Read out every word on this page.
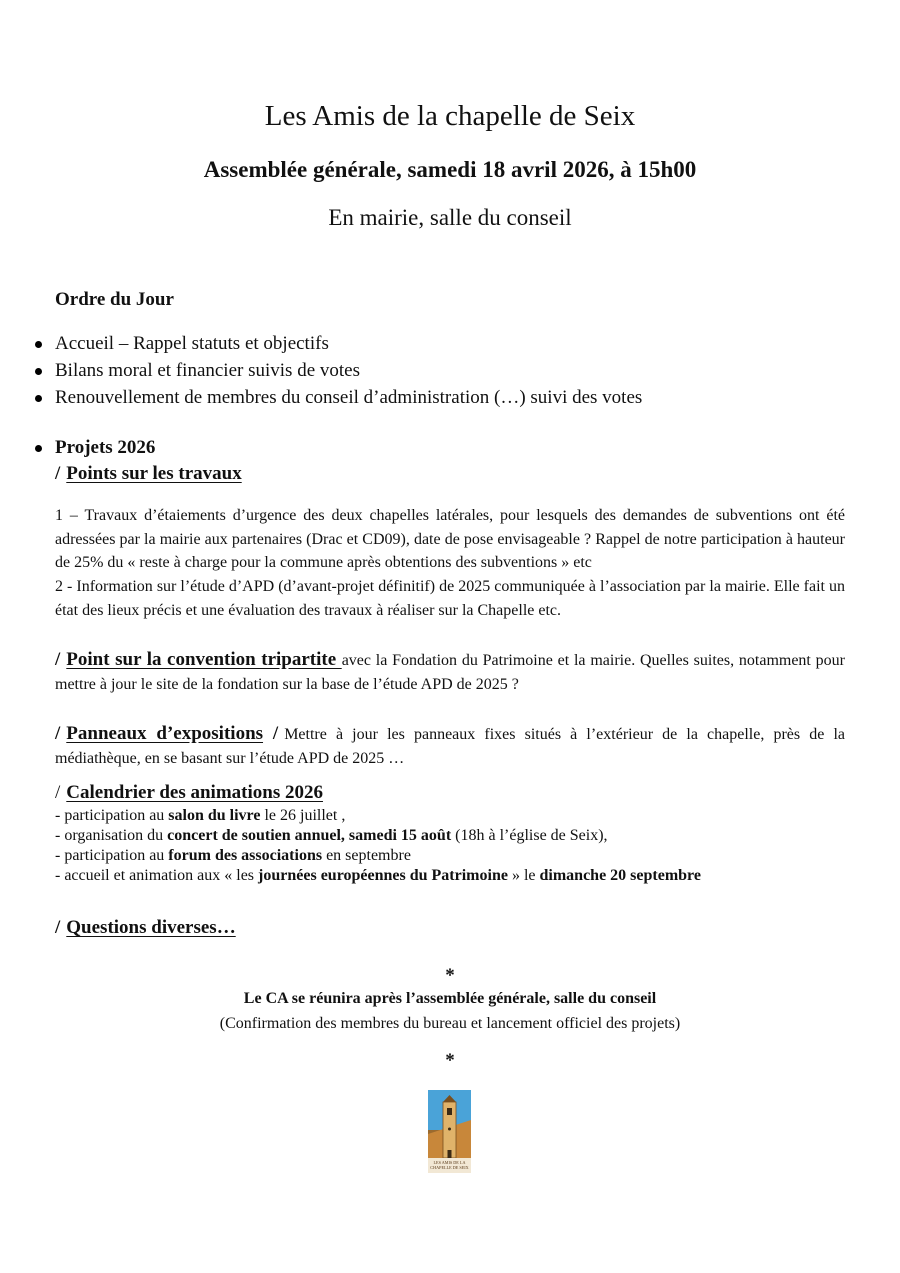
Les Amis de la chapelle de Seix
Assemblée générale, samedi 18 avril 2026, à 15h00
En mairie, salle du conseil

Ordre du Jour

Accueil – Rappel statuts et objectifs
Bilans moral et financier suivis de votes
Renouvellement de membres du conseil d’administration (…) suivi des votes
Projets 2026
/ Points sur les travaux

1 – Travaux d’étaiements d’urgence des deux chapelles latérales, pour lesquels des demandes de subventions ont été adressées par la mairie aux partenaires (Drac et CD09), date de pose envisageable ? Rappel de notre participation à hauteur de 25% du « reste à charge pour la commune après obtentions des subventions » etc

2 - Information sur l’étude d’APD (d’avant-projet définitif) de 2025 communiquée à l’association par la mairie. Elle fait un état des lieux précis et une évaluation des travaux à réaliser sur la Chapelle etc.

/ Point sur la convention tripartite avec la Fondation du Patrimoine et la mairie. Quelles suites, notamment pour mettre à jour le site de la fondation sur la base de l’étude APD de 2025 ?

/ Panneaux d’expositions / Mettre à jour les panneaux fixes situés à l’extérieur de la chapelle, près de la médiathèque, en se basant sur l’étude APD de 2025 …

/ Calendrier des animations 2026
- participation au salon du livre le 26 juillet ,
- organisation du concert de soutien annuel, samedi 15 août (18h à l’église de Seix),
- participation au forum des associations en septembre
- accueil et animation aux « les journées européennes du Patrimoine » le dimanche 20 septembre
/ Questions diverses…

*

Le CA se réunira après l’assemblée générale, salle du conseil

(Confirmation des membres du bureau et lancement officiel des projets)

*

LES AMIS DE LA
CHAPELLE DE SEIX
